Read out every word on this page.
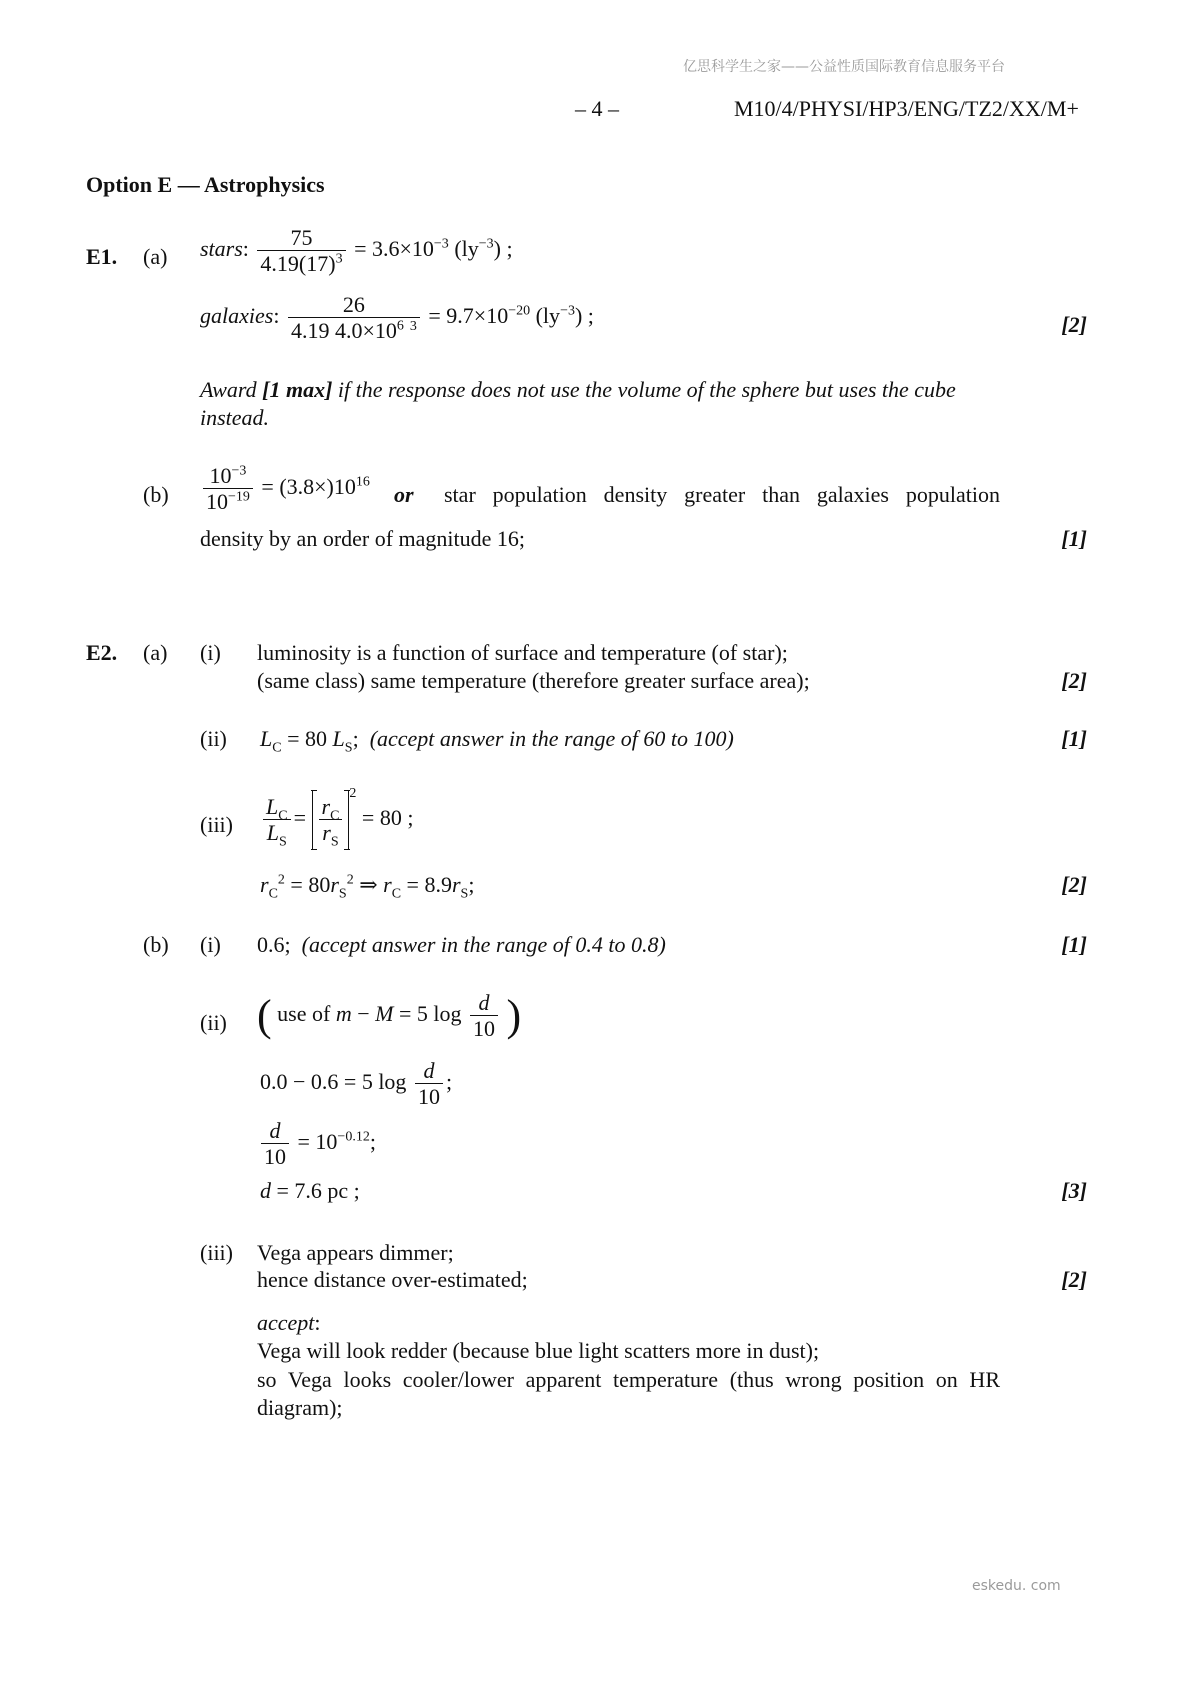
亿思科学生之家——公益性质国际教育信息服务平台
– 4 –	M10/4/PHYSI/HP3/ENG/TZ2/XX/M+
Option E — Astrophysics
E1. (a) stars: $\frac{75}{4.19(17)^3} = 3.6\times 10^{-3}$ $(ly^{-3})$ ;
galaxies: $\frac{26}{4.19 4.0\times 10^6 ^3} = 9.7\times 10^{-20}$ $(ly^{-3})$ ;	[2]
Award [1 max] if the response does not use the volume of the sphere but uses the cube instead.
$(b) \frac{10^{-3}}{10^{-19}} = (3.8\times)10^{16}$ or star population density greater than galaxies population
density by an order of magnitude 16;	[1]
E2. (a) (i) luminosity is a function of surface and temperature (of star);
(same class) same temperature (therefore greater surface area);	[2]
(ii) $L_C = 80$ $L_S$;  (accept answer in the range of 60 to 100)	[1]
$(iii) \frac{L_C}{L_S} = \frac{r_C}{r_S}$
$^2$ = 80 ;
$r_C^2 = 80r_S^2$ ⇒ $r_C = 8.9r_S$;	[2]
(b) (i) 0.6; (accept answer in the range of 0.4 to 0.8)	[1]
(ii) ( use of m − M = 5 $\log \frac{d}{10}$ )
0.0 − 0.6 = 5 $\log \frac{d}{10}$ ;
$\frac{d}{10} = 10^{-0.12}$;
d = 7.6 pc ;	[3]
(iii) Vega appears dimmer;
hence distance over-estimated;	[2]
accept:
Vega will look redder (because blue light scatters more in dust);
so Vega looks cooler/lower apparent temperature (thus wrong position on HR diagram);
eskedu. com
